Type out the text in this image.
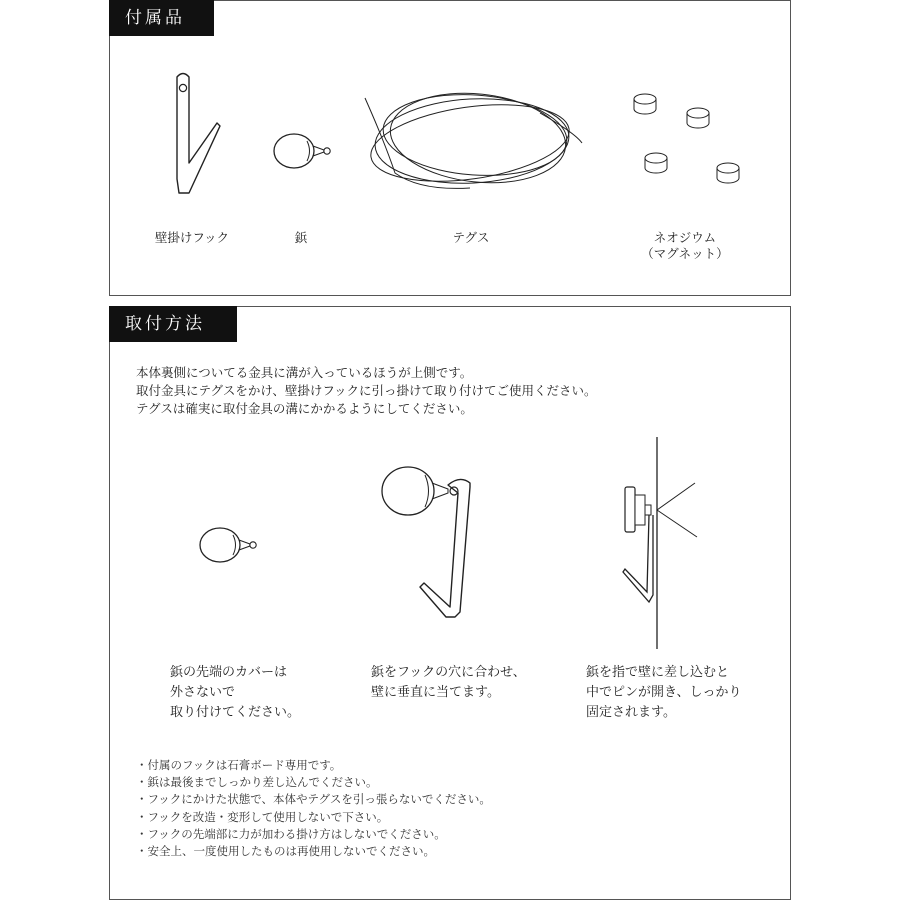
付属品
壁掛けフック	鋲	テグス	ネオジウム
（マグネット）
取付方法
本体裏側についてる金具に溝が入っているほうが上側です。
取付金具にテグスをかけ、壁掛けフックに引っ掛けて取り付けてご使用ください。
テグスは確実に取付金具の溝にかかるようにしてください。
鋲の先端のカバーは
外さないで
取り付けてください。
鋲をフックの穴に合わせ、
壁に垂直に当てます。
鋲を指で壁に差し込むと
中でピンが開き、しっかり
固定されます。
・ 付属のフックは石膏ボード専用です。
・ 鋲は最後までしっかり差し込んでください。
・ フックにかけた状態で、本体やテグスを引っ張らないでください。
・ フックを改造・変形して使用しないで下さい。
・ フックの先端部に力が加わる掛け方はしないでください。
・ 安全上、一度使用したものは再使用しないでください。
